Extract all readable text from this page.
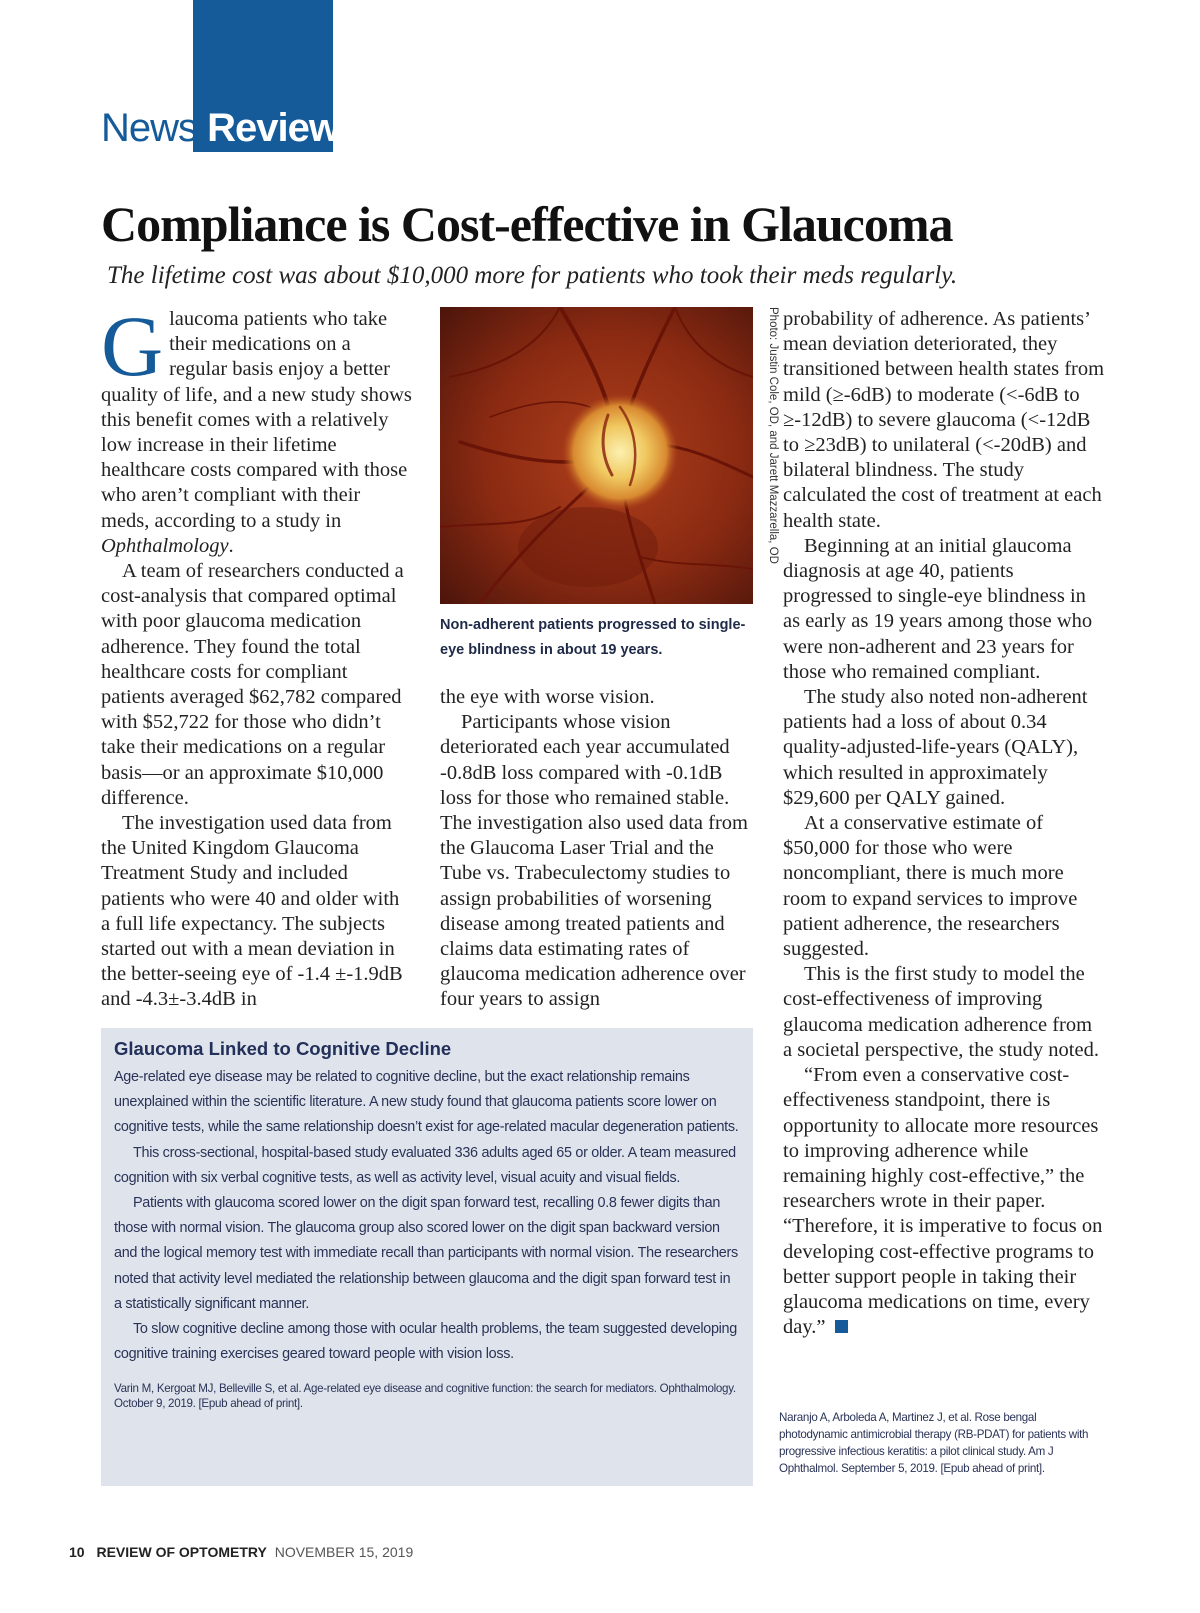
News Review
Compliance is Cost-effective in Glaucoma

The lifetime cost was about $10,000 more for patients who took their meds regularly.

Glaucoma patients who take their medications on a regular basis enjoy a better quality of life, and a new study shows this benefit comes with a relatively low increase in their lifetime healthcare costs compared with those who aren’t compliant with their meds, according to a study in Ophthalmology.

A team of researchers conducted a cost-analysis that compared optimal with poor glaucoma medication adherence. They found the total healthcare costs for compliant patients averaged $62,782 compared with $52,722 for those who didn’t take their medications on a regular basis—or an approximate $10,000 difference.

The investigation used data from the United Kingdom Glaucoma Treatment Study and included patients who were 40 and older with a full life expectancy. The subjects started out with a mean deviation in the better-seeing eye of -1.4 ±-1.9dB and -4.3±-3.4dB in

Photo: Justin Cole, OD, and Jarett Mazzarella, OD
Non-adherent patients progressed to single-eye blindness in about 19 years.

the eye with worse vision.

Participants whose vision deteriorated each year accumulated -0.8dB loss compared with -0.1dB loss for those who remained stable. The investigation also used data from the Glaucoma Laser Trial and the Tube vs. Trabeculectomy studies to assign probabilities of worsening disease among treated patients and claims data estimating rates of glaucoma medication adherence over four years to assign

probability of adherence. As patients’ mean deviation deteriorated, they transitioned between health states from mild (≥-6dB) to moderate (<-6dB to ≥-12dB) to severe glaucoma (<-12dB to ≥23dB) to unilateral (<-20dB) and bilateral blindness. The study calculated the cost of treatment at each health state.

Beginning at an initial glaucoma diagnosis at age 40, patients progressed to single-eye blindness in as early as 19 years among those who were non-adherent and 23 years for those who remained compliant.

The study also noted non-adherent patients had a loss of about 0.34 quality-adjusted-life-years (QALY), which resulted in approximately $29,600 per QALY gained.

At a conservative estimate of $50,000 for those who were noncompliant, there is much more room to expand services to improve patient adherence, the researchers suggested.

This is the first study to model the cost-effectiveness of improving glaucoma medication adherence from a societal perspective, the study noted.

“From even a conservative cost-effectiveness standpoint, there is opportunity to allocate more resources to improving adherence while remaining highly cost-effective,” the researchers wrote in their paper. “Therefore, it is imperative to focus on developing cost-effective programs to better support people in taking their glaucoma medications on time, every day.”

Naranjo A, Arboleda A, Martinez J, et al. Rose bengal photodynamic antimicrobial therapy (RB-PDAT) for patients with progressive infectious keratitis: a pilot clinical study. Am J Ophthalmol. September 5, 2019. [Epub ahead of print].
Glaucoma Linked to Cognitive Decline

Age-related eye disease may be related to cognitive decline, but the exact relationship remains unexplained within the scientific literature. A new study found that glaucoma patients score lower on cognitive tests, while the same relationship doesn’t exist for age-related macular degeneration patients.

This cross-sectional, hospital-based study evaluated 336 adults aged 65 or older. A team measured cognition with six verbal cognitive tests, as well as activity level, visual acuity and visual fields.

Patients with glaucoma scored lower on the digit span forward test, recalling 0.8 fewer digits than those with normal vision. The glaucoma group also scored lower on the digit span backward version and the logical memory test with immediate recall than participants with normal vision. The researchers noted that activity level mediated the relationship between glaucoma and the digit span forward test in a statistically significant manner.

To slow cognitive decline among those with ocular health problems, the team suggested developing cognitive training exercises geared toward people with vision loss.

Varin M, Kergoat MJ, Belleville S, et al. Age-related eye disease and cognitive function: the search for mediators. Ophthalmology. October 9, 2019. [Epub ahead of print].
10 REVIEW OF OPTOMETRY NOVEMBER 15, 2019
